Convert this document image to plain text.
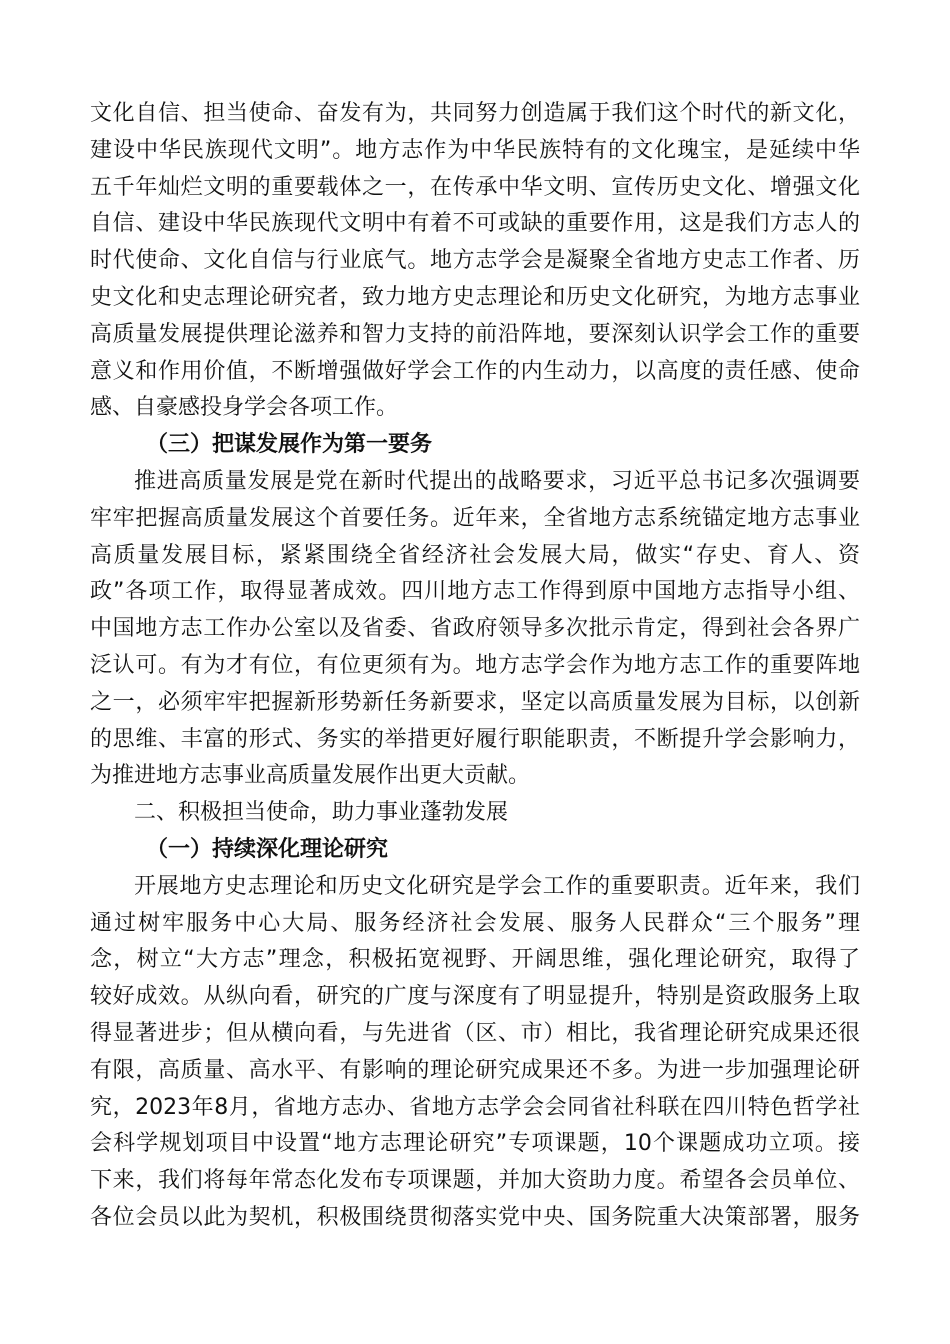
文化自信、担当使命、奋发有为，共同努力创造属于我们这个时代的新文化，
建设中华民族现代文明”。地方志作为中华民族特有的文化瑰宝，是延续中华
五千年灿烂文明的重要载体之一，在传承中华文明、宣传历史文化、增强文化
自信、建设中华民族现代文明中有着不可或缺的重要作用，这是我们方志人的
时代使命、文化自信与行业底气。地方志学会是凝聚全省地方史志工作者、历
史文化和史志理论研究者，致力地方史志理论和历史文化研究，为地方志事业
高质量发展提供理论滋养和智力支持的前沿阵地，要深刻认识学会工作的重要
意义和作用价值，不断增强做好学会工作的内生动力，以高度的责任感、使命
感、自豪感投身学会各项工作。
（三）把谋发展作为第一要务
推进高质量发展是党在新时代提出的战略要求，习近平总书记多次强调要
牢牢把握高质量发展这个首要任务。近年来，全省地方志系统锚定地方志事业
高质量发展目标，紧紧围绕全省经济社会发展大局，做实“存史、育人、资
政”各项工作，取得显著成效。四川地方志工作得到原中国地方志指导小组、
中国地方志工作办公室以及省委、省政府领导多次批示肯定，得到社会各界广
泛认可。有为才有位，有位更须有为。地方志学会作为地方志工作的重要阵地
之一，必须牢牢把握新形势新任务新要求，坚定以高质量发展为目标，以创新
的思维、丰富的形式、务实的举措更好履行职能职责，不断提升学会影响力，
为推进地方志事业高质量发展作出更大贡献。
二、积极担当使命，助力事业蓬勃发展
（一）持续深化理论研究
开展地方史志理论和历史文化研究是学会工作的重要职责。近年来，我们
通过树牢服务中心大局、服务经济社会发展、服务人民群众“三个服务”理
念，树立“大方志”理念，积极拓宽视野、开阔思维，强化理论研究，取得了
较好成效。从纵向看，研究的广度与深度有了明显提升，特别是资政服务上取
得显著进步；但从横向看，与先进省（区、市）相比，我省理论研究成果还很
有限，高质量、高水平、有影响的理论研究成果还不多。为进一步加强理论研
究，2023年8月，省地方志办、省地方志学会会同省社科联在四川特色哲学社
会科学规划项目中设置“地方志理论研究”专项课题，10个课题成功立项。接
下来，我们将每年常态化发布专项课题，并加大资助力度。希望各会员单位、
各位会员以此为契机，积极围绕贯彻落实党中央、国务院重大决策部署，服务
